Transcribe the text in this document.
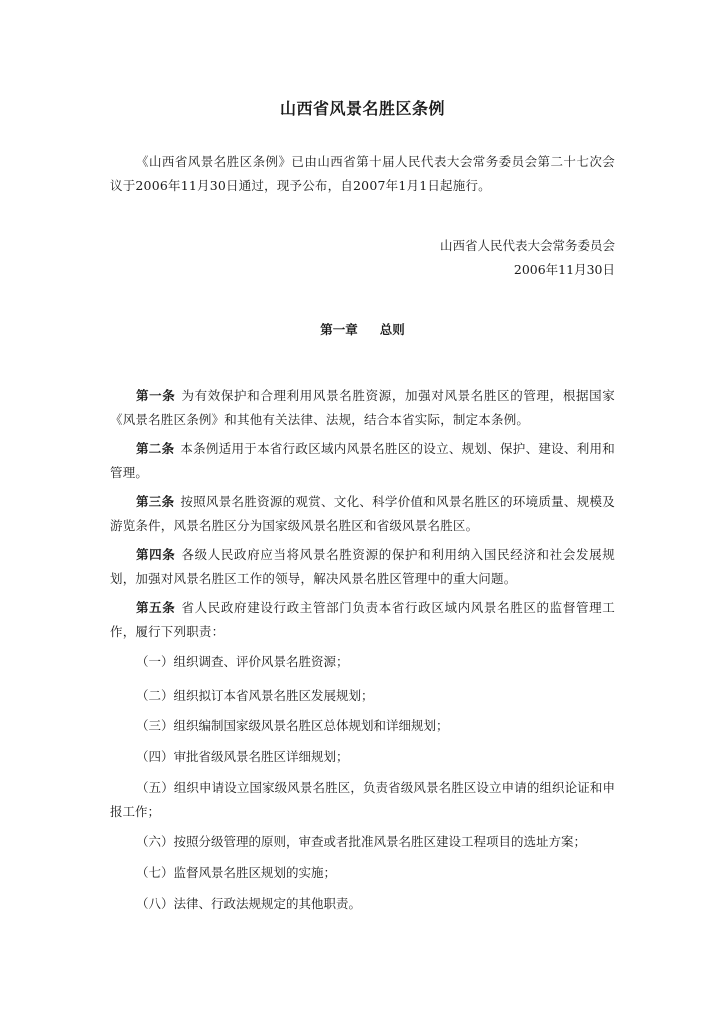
山西省风景名胜区条例
《山西省风景名胜区条例》已由山西省第十届人民代表大会常务委员会第二十七次会议于2006年11月30日通过，现予公布，自2007年1月1日起施行。
山西省人民代表大会常务委员会
2006年11月30日
第一章 总则
第一条 为有效保护和合理利用风景名胜资源，加强对风景名胜区的管理，根据国家《风景名胜区条例》和其他有关法律、法规，结合本省实际，制定本条例。
第二条 本条例适用于本省行政区域内风景名胜区的设立、规划、保护、建设、利用和管理。
第三条 按照风景名胜资源的观赏、文化、科学价值和风景名胜区的环境质量、规模及游览条件，风景名胜区分为国家级风景名胜区和省级风景名胜区。
第四条 各级人民政府应当将风景名胜资源的保护和利用纳入国民经济和社会发展规划，加强对风景名胜区工作的领导，解决风景名胜区管理中的重大问题。
第五条 省人民政府建设行政主管部门负责本省行政区域内风景名胜区的监督管理工作，履行下列职责：
（一）组织调查、评价风景名胜资源；
（二）组织拟订本省风景名胜区发展规划；
（三）组织编制国家级风景名胜区总体规划和详细规划；
（四）审批省级风景名胜区详细规划；
（五）组织申请设立国家级风景名胜区，负责省级风景名胜区设立申请的组织论证和申报工作；
（六）按照分级管理的原则，审查或者批准风景名胜区建设工程项目的选址方案；
（七）监督风景名胜区规划的实施；
（八）法律、行政法规规定的其他职责。
